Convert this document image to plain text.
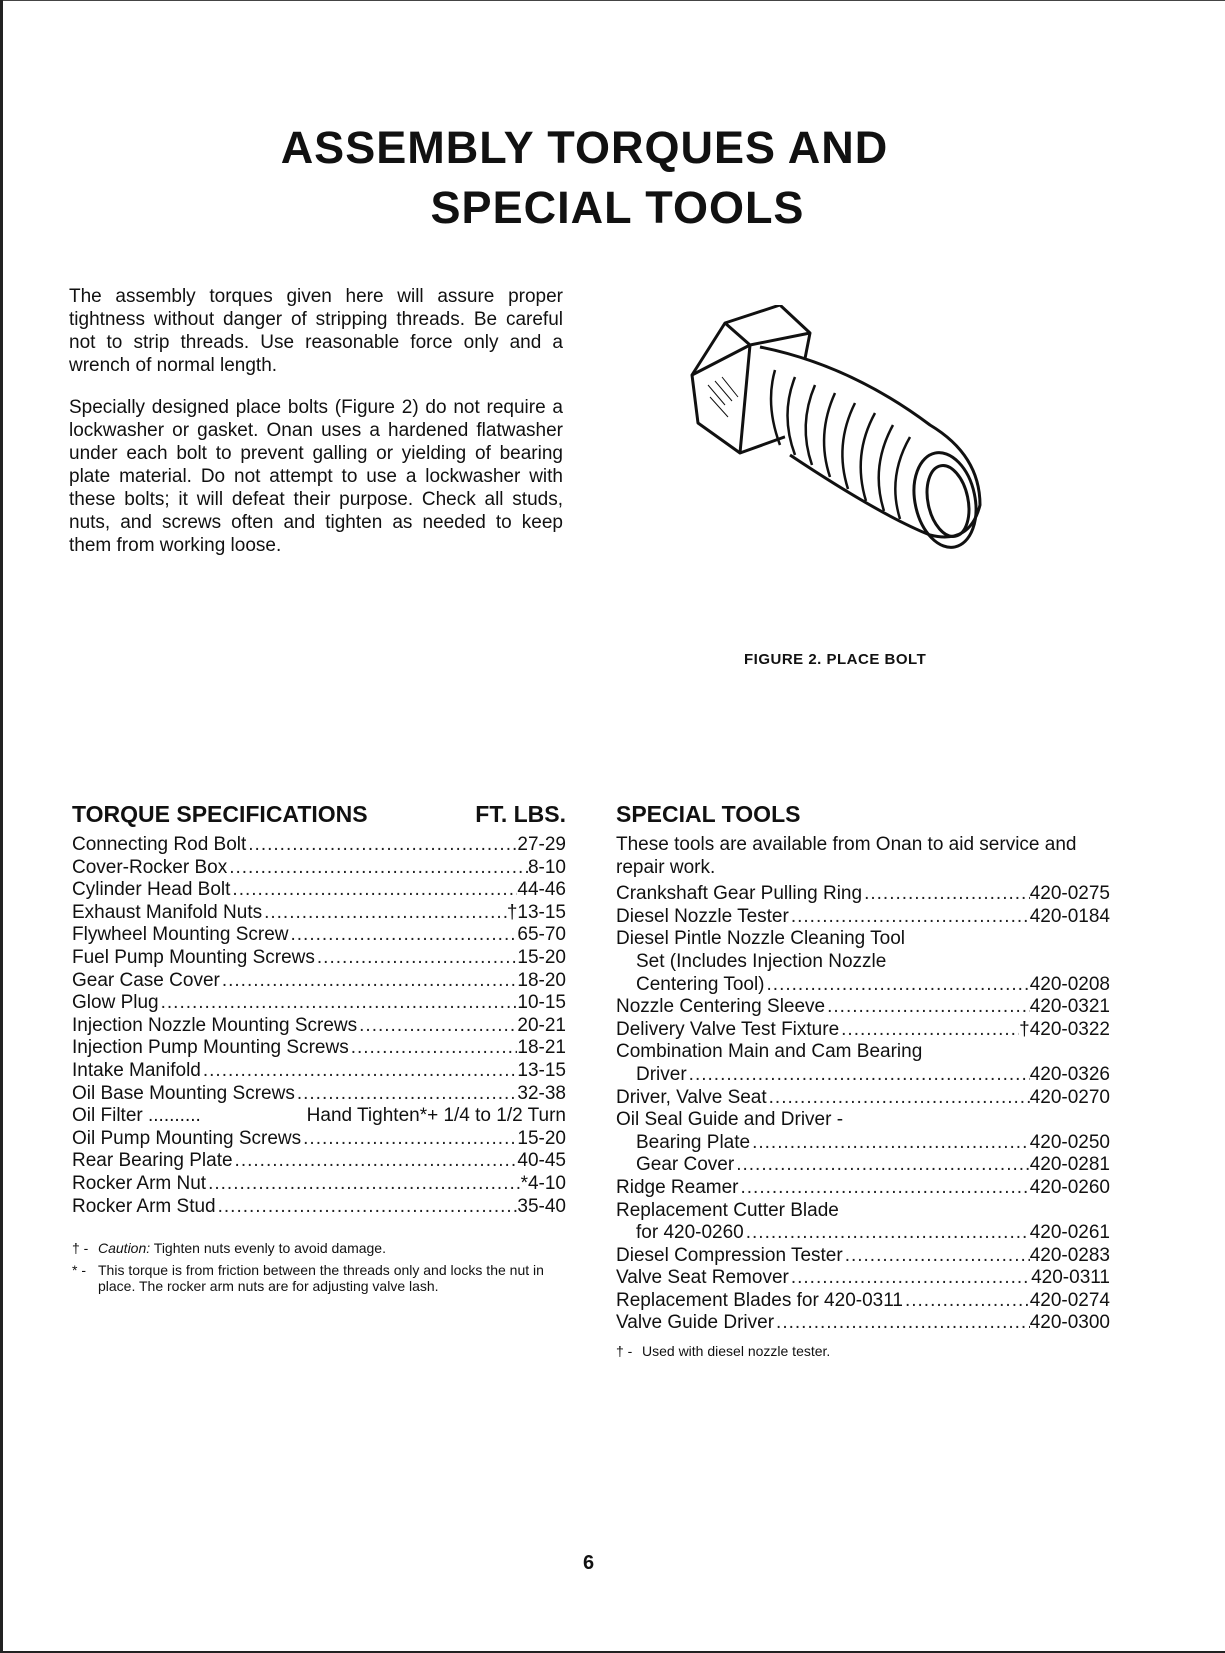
ASSEMBLY TORQUES AND
SPECIAL TOOLS

The assembly torques given here will assure proper tightness without danger of stripping threads. Be careful not to strip threads. Use reasonable force only and a wrench of normal length.

Specially designed place bolts (Figure 2) do not require a lockwasher or gasket. Onan uses a hardened flatwasher under each bolt to prevent galling or yielding of bearing plate material. Do not attempt to use a lockwasher with these bolts; it will defeat their purpose. Check all studs, nuts, and screws often and tighten as needed to keep them from working loose.

FIGURE 2. PLACE BOLT
TORQUE SPECIFICATIONS	FT. LBS.
Connecting Rod Bolt .....	27-29
Cover-Rocker Box .....	8-10
Cylinder Head Bolt .....	44-46
Exhaust Manifold Nuts .....	†13-15
Flywheel Mounting Screw .....	65-70
Fuel Pump Mounting Screws .....	15-20
Gear Case Cover .....	18-20
Glow Plug .....	10-15
Injection Nozzle Mounting Screws .....	20-21
Injection Pump Mounting Screws .....	18-21
Intake Manifold .....	13-15
Oil Base Mounting Screws .....	32-38
Oil Filter ..........	Hand Tighten*+ 1/4 to 1/2 Turn
Oil Pump Mounting Screws .....	15-20
Rear Bearing Plate .....	40-45
Rocker Arm Nut .....	*4-10
Rocker Arm Stud .....	35-40

† - Caution: Tighten nuts evenly to avoid damage.

* - This torque is from friction between the threads only and locks the nut in place. The rocker arm nuts are for adjusting valve lash.

SPECIAL TOOLS

These tools are available from Onan to aid service and repair work.

Crankshaft Gear Pulling Ring .....	420-0275
Diesel Nozzle Tester .....	420-0184
Diesel Pintle Nozzle Cleaning Tool
Set (Includes Injection Nozzle
Centering Tool) .....	420-0208
Nozzle Centering Sleeve .....	420-0321
Delivery Valve Test Fixture .....	†420-0322
Combination Main and Cam Bearing
Driver .....	420-0326
Driver, Valve Seat .....	420-0270
Oil Seal Guide and Driver -
Bearing Plate .....	420-0250
Gear Cover .....	420-0281
Ridge Reamer .....	420-0260
Replacement Cutter Blade
for 420-0260 .....	420-0261
Diesel Compression Tester .....	420-0283
Valve Seat Remover .....	420-0311
Replacement Blades for 420-0311 .....	420-0274
Valve Guide Driver .....	420-0300

† - Used with diesel nozzle tester.

6
